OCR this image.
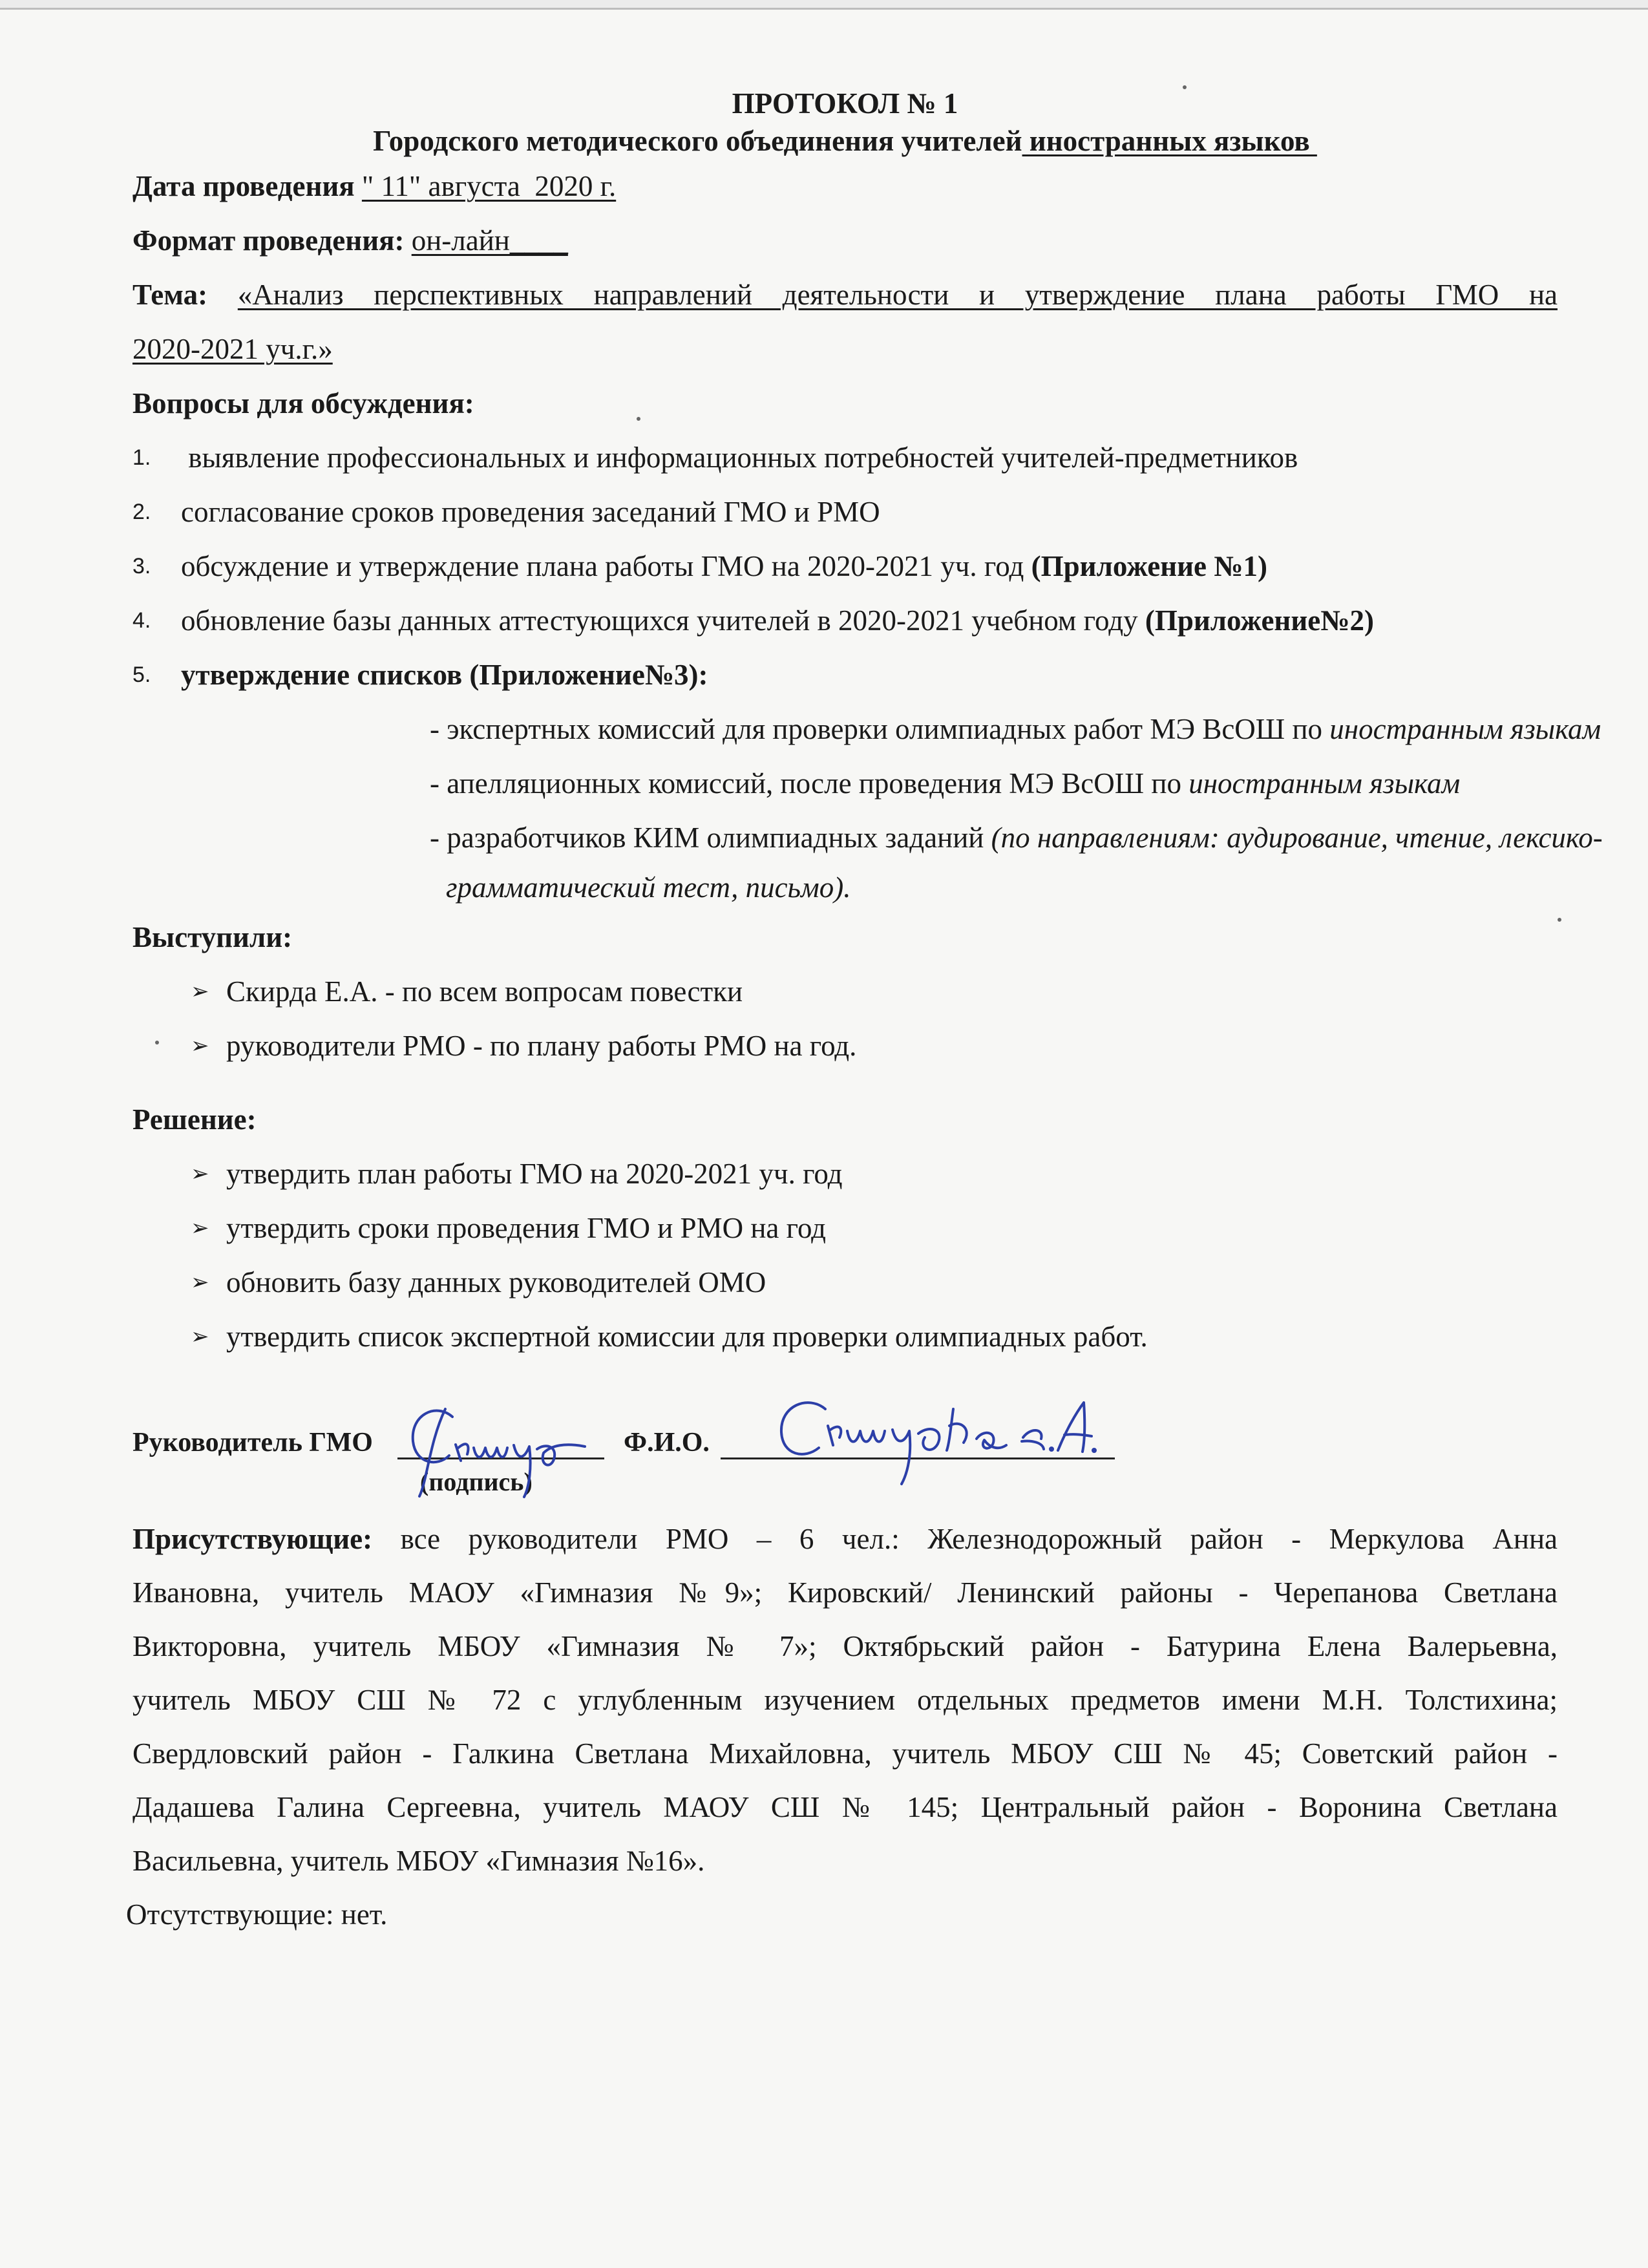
ПРОТОКОЛ № 1
Городского методического объединения учителей иностранных языков
Дата проведения " 11" августа  2020 г.
Формат проведения: он-лайн____
Тема: «Анализ перспективных направлений деятельности и утверждение плана работы ГМО на
2020-2021 уч.г.»
Вопросы для обсуждения:
1. выявление профессиональных и информационных потребностей учителей-предметников
2. согласование сроков проведения заседаний ГМО и РМО
3. обсуждение и утверждение плана работы ГМО на 2020-2021 уч. год (Приложение №1)
4. обновление базы данных аттестующихся учителей в 2020-2021 учебном году (Приложение№2)
5. утверждение списков (Приложение№3):
- экспертных комиссий для проверки олимпиадных работ МЭ ВсОШ по иностранным языкам
- апелляционных комиссий, после проведения МЭ ВсОШ по иностранным языкам
- разработчиков КИМ олимпиадных заданий (по направлениям: аудирование, чтение, лексико-
грамматический тест, письмо).
Выступили:
➢ Скирда Е.А. - по всем вопросам повестки
➢ руководители РМО - по плану работы РМО на год.
Решение:
➢ утвердить план работы ГМО на 2020-2021 уч. год
➢ утвердить сроки проведения ГМО и РМО на год
➢ обновить базу данных руководителей ОМО
➢ утвердить список экспертной комиссии для проверки олимпиадных работ.
Руководитель ГМО
(подпись)
Ф.И.О.
Присутствующие: все руководители РМО – 6 чел.: Железнодорожный район - Меркулова Анна
Ивановна, учитель МАОУ «Гимназия №9»; Кировский/ Ленинский районы - Черепанова Светлана
Викторовна, учитель МБОУ «Гимназия № 7»; Октябрьский район - Батурина Елена Валерьевна,
учитель МБОУ СШ № 72 с углубленным изучением отдельных предметов имени М.Н. Толстихина;
Свердловский район - Галкина Светлана Михайловна, учитель МБОУ СШ № 45; Советский район -
Дадашева Галина Сергеевна, учитель МАОУ СШ № 145; Центральный район - Воронина Светлана
Васильевна, учитель МБОУ «Гимназия №16».
Отсутствующие: нет.
